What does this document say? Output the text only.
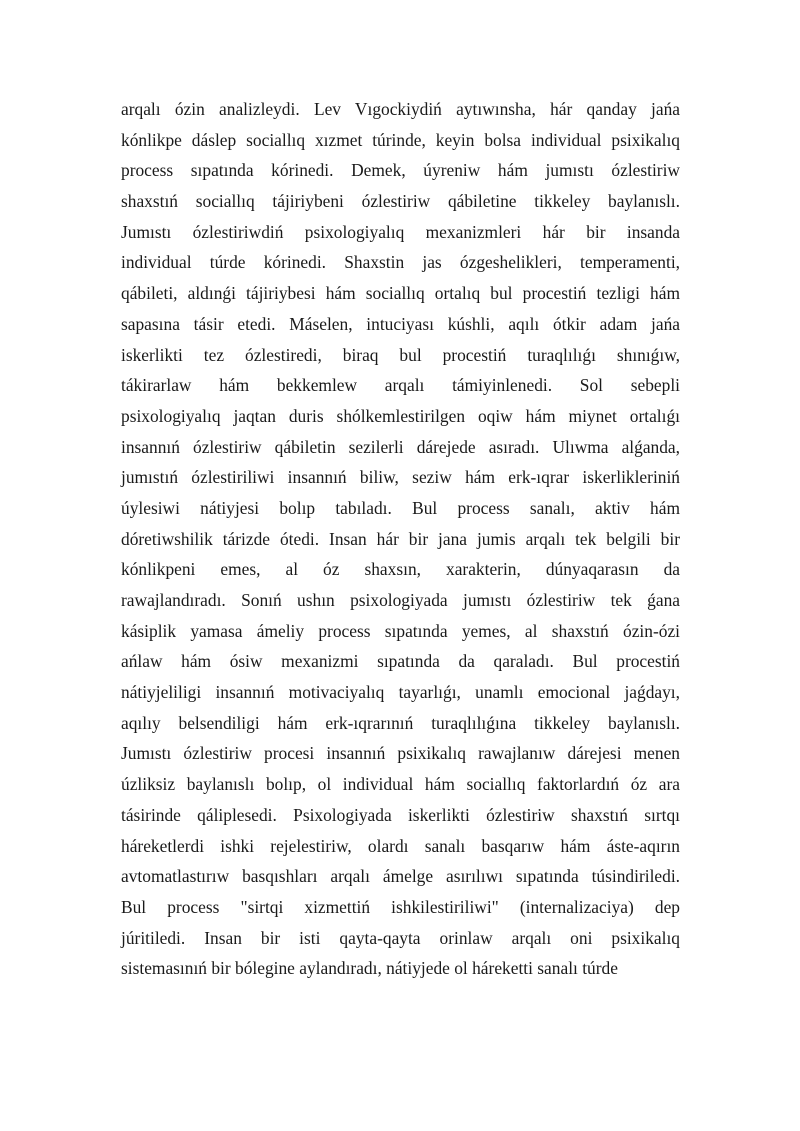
arqalı ózin analizleydi. Lev Vıgockiydiń aytıwınsha, hár qanday jańa
kónlikpe dáslep sociallıq xızmet túrinde, keyin bolsa individual psixikalıq
process sıpatında kórinedi. Demek, úyreniw hám jumıstı ózlestiriw
shaxstıń sociallıq tájiriybeni ózlestiriw qábiletine tikkeley baylanıslı.
Jumıstı ózlestiriwdiń psixologiyalıq mexanizmleri hár bir insanda
individual túrde kórinedi. Shaxstin jas ózgeshelikleri, temperamenti,
qábileti, aldınǵi tájiriybesi hám sociallıq ortalıq bul procestiń tezligi hám
sapasına tásir etedi. Máselen, intuciyası kúshli, aqılı ótkir adam jańa
iskerlikti tez ózlestiredi, biraq bul procestiń turaqlılıǵı shınıǵıw,
tákirarlaw hám bekkemlew arqalı támiyinlenedi. Sol sebepli
psixologiyalıq jaqtan duris shólkemlestirilgen oqiw hám miynet ortalıǵı
insannıń ózlestiriw qábiletin sezilerli dárejede asıradı. Ulıwma alǵanda,
jumıstıń ózlestiriliwi insannıń biliw, seziw hám erk-ıqrar iskerlikleriniń
úylesiwi nátiyjesi bolıp tabıladı. Bul process sanalı, aktiv hám
dóretiwshilik tárizde ótedi. Insan hár bir jana jumis arqalı tek belgili bir
kónlikpeni emes, al óz shaxsın, xarakterin, dúnyaqarasın da
rawajlandıradı. Sonıń ushın psixologiyada jumıstı ózlestiriw tek ǵana
kásiplik yamasa ámeliy process sıpatında yemes, al shaxstıń ózin-ózi
ańlaw hám ósiw mexanizmi sıpatında da qaraladı. Bul procestiń
nátiyjeliligi insannıń motivaciyalıq tayarlıǵı, unamlı emocional jaǵdayı,
aqılıy belsendiligi hám erk-ıqrarınıń turaqlılıǵına tikkeley baylanıslı.
Jumıstı ózlestiriw procesi insannıń psixikalıq rawajlanıw dárejesi menen
úzliksiz baylanıslı bolıp, ol individual hám sociallıq faktorlardıń óz ara
tásirinde qáliplesedi. Psixologiyada iskerlikti ózlestiriw shaxstıń sırtqı
háreketlerdi ishki rejelestiriw, olardı sanalı basqarıw hám áste-aqırın
avtomatlastırıw basqıshları arqalı ámelge asırılıwı sıpatında túsindiriledi.
Bul process "sirtqi xizmettiń ishkilestiriliwi" (internalizaciya) dep
júritiledi. Insan bir isti qayta-qayta orinlaw arqalı oni psixikalıq
sistemasınıń bir bólegine aylandıradı, nátiyjede ol háreketti sanalı túrde
